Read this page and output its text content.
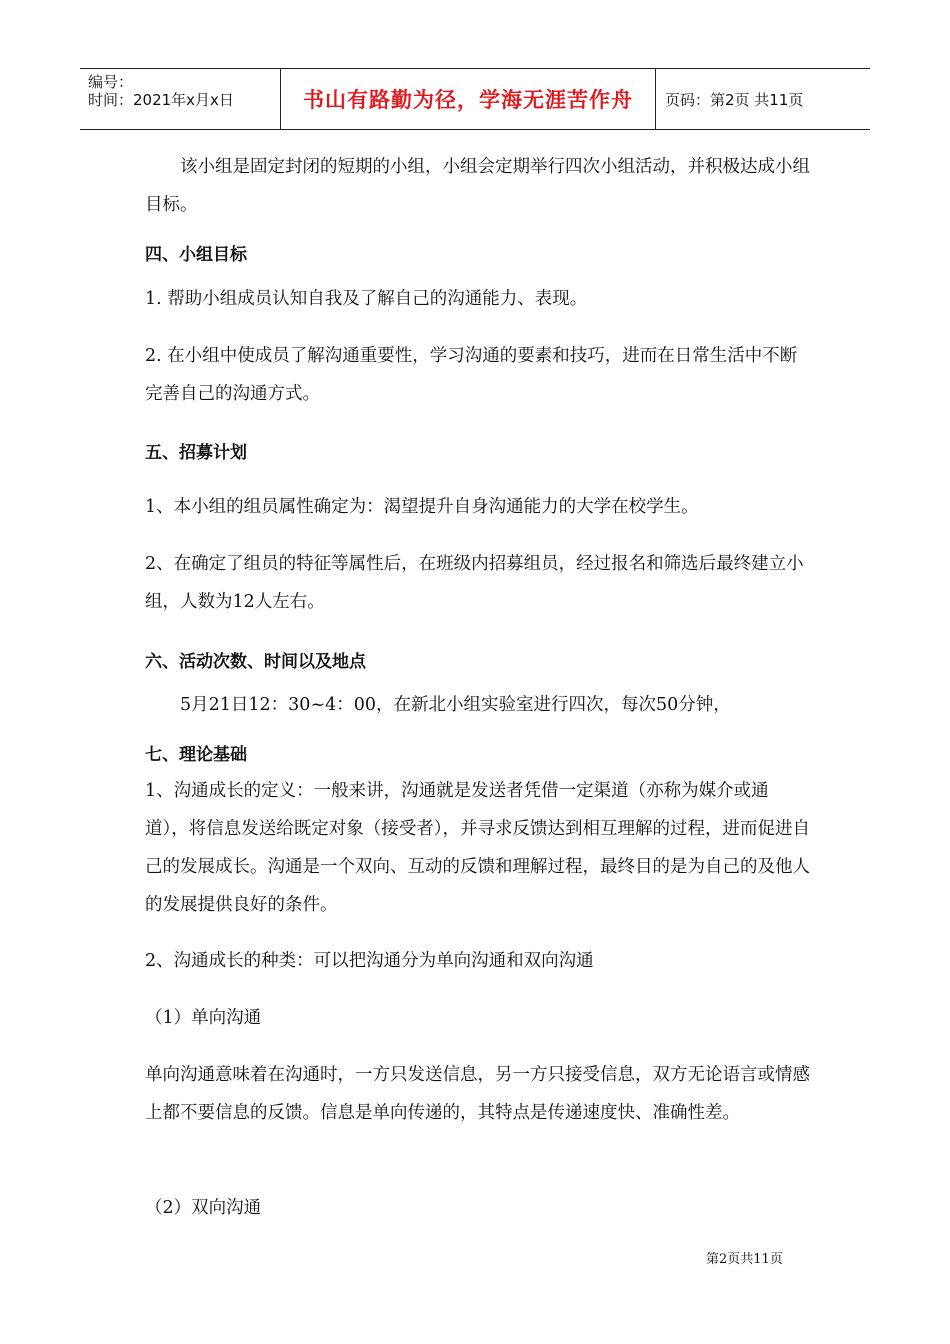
编号：
时间：2021年x月x日	书山有路勤为径，学海无涯苦作舟 页码：第2页 共11页
该小组是固定封闭的短期的小组，小组会定期举行四次小组活动，并积极达成小组目标。
四、小组目标
1. 帮助小组成员认知自我及了解自己的沟通能力、表现。
2. 在小组中使成员了解沟通重要性，学习沟通的要素和技巧，进而在日常生活中不断完善自己的沟通方式。
五、招募计划
1、本小组的组员属性确定为：渴望提升自身沟通能力的大学在校学生。
2、在确定了组员的特征等属性后，在班级内招募组员，经过报名和筛选后最终建立小组，人数为12人左右。
六、活动次数、时间以及地点
5月21日12：30~4：00，在新北小组实验室进行四次，每次50分钟，
七、理论基础
1、沟通成长的定义：一般来讲，沟通就是发送者凭借一定渠道（亦称为媒介或通道），将信息发送给既定对象（接受者），并寻求反馈达到相互理解的过程，进而促进自己的发展成长。沟通是一个双向、互动的反馈和理解过程，最终目的是为自己的及他人的发展提供良好的条件。
2、沟通成长的种类：可以把沟通分为单向沟通和双向沟通
（1）单向沟通
单向沟通意味着在沟通时，一方只发送信息，另一方只接受信息，双方无论语言或情感上都不要信息的反馈。信息是单向传递的，其特点是传递速度快、准确性差。
（2）双向沟通
第2页共11页
